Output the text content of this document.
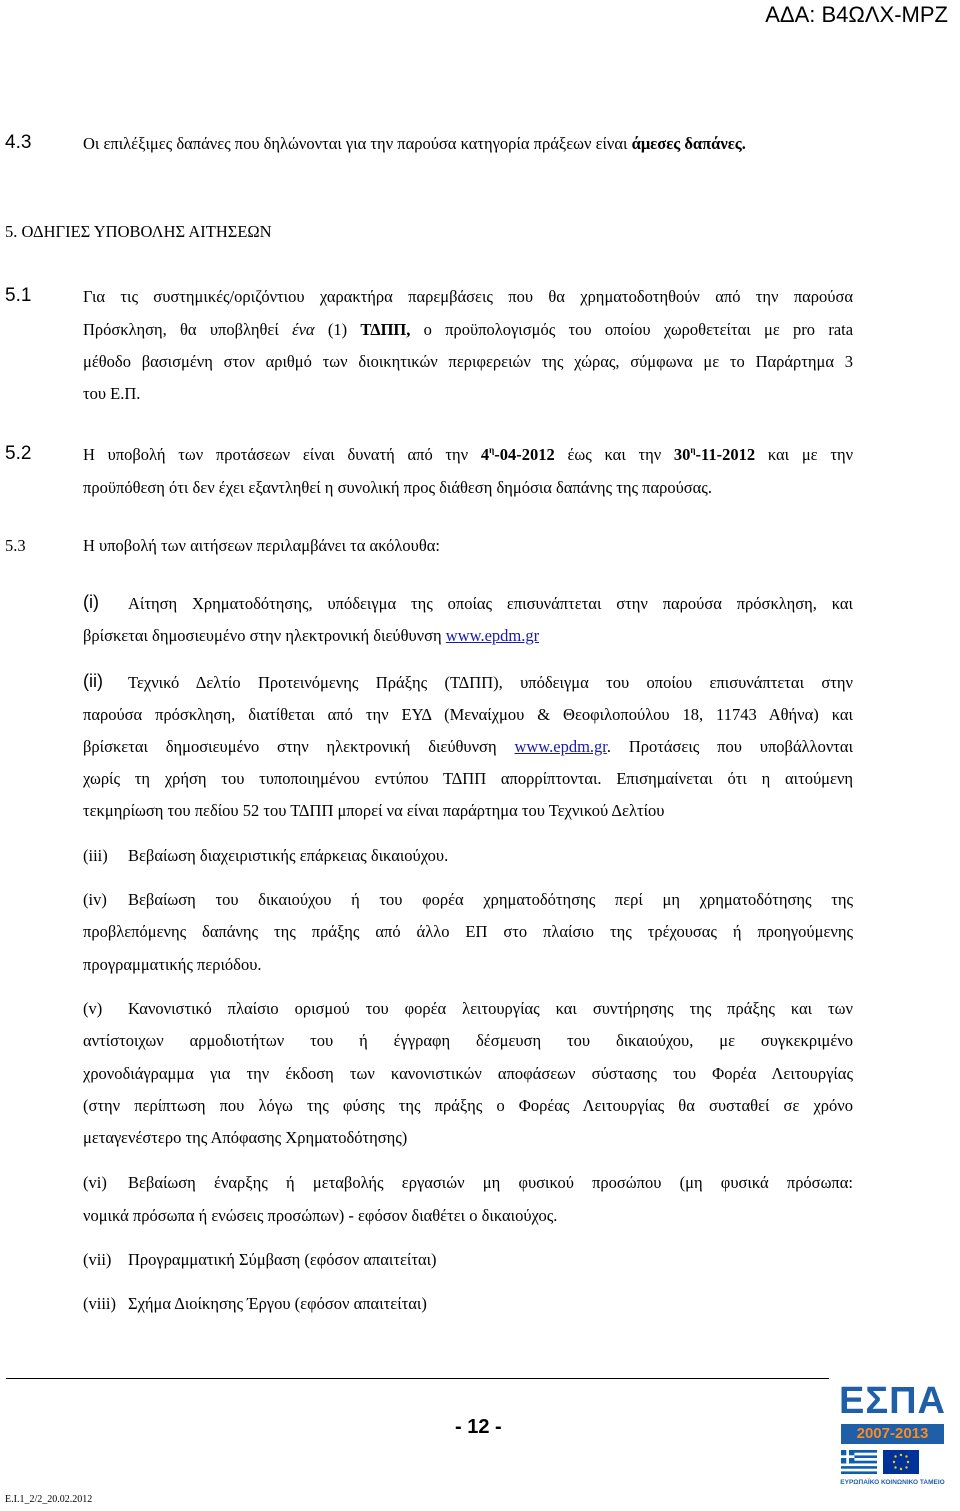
ΑΔΑ: Β4ΩΛΧ-ΜΡΖ
4.3	Οι επιλέξιμες δαπάνες που δηλώνονται για την παρούσα κατηγορία πράξεων είναι άμεσες δαπάνες.
5. ΟΔΗΓΙΕΣ ΥΠΟΒΟΛΗΣ ΑΙΤΗΣΕΩΝ
5.1	Για τις συστημικές/οριζόντιου χαρακτήρα παρεμβάσεις που θα χρηματοδοτηθούν από την παρούσα
Πρόσκληση, θα υποβληθεί ένα (1) ΤΔΠΠ, ο προϋπολογισμός του οποίου χωροθετείται με pro rata
μέθοδο βασισμένη στον αριθμό των διοικητικών περιφερειών της χώρας, σύμφωνα με το Παράρτημα 3
του Ε.Π.
5.2	Η υποβολή των προτάσεων είναι δυνατή από την $4^\eta-04-2012$ έως και την $30^\eta-11-2012$ και με την
προϋπόθεση ότι δεν έχει εξαντληθεί η συνολική προς διάθεση δημόσια δαπάνης της παρούσας.
5.3	Η υποβολή των αιτήσεων περιλαμβάνει τα ακόλουθα:
(i) Αίτηση Χρηματοδότησης, υπόδειγμα της οποίας επισυνάπτεται στην παρούσα πρόσκληση, και
βρίσκεται δημοσιευμένο στην ηλεκτρονική διεύθυνση www.epdm.gr
(ii) Τεχνικό Δελτίο Προτεινόμενης Πράξης (ΤΔΠΠ), υπόδειγμα του οποίου επισυνάπτεται στην
παρούσα πρόσκληση, διατίθεται από την ΕΥΔ (Μεναίχμου & Θεοφιλοπούλου 18, 11743 Αθήνα) και
βρίσκεται δημοσιευμένο στην ηλεκτρονική διεύθυνση www.epdm.gr. Προτάσεις που υποβάλλονται
χωρίς τη χρήση του τυποποιημένου εντύπου ΤΔΠΠ απορρίπτονται. Επισημαίνεται ότι η αιτούμενη
τεκμηρίωση του πεδίου 52 του ΤΔΠΠ μπορεί να είναι παράρτημα του Τεχνικού Δελτίου
(iii) Βεβαίωση διαχειριστικής επάρκειας δικαιούχου.
(iv) Βεβαίωση του δικαιούχου ή του φορέα χρηματοδότησης περί μη χρηματοδότησης της
προβλεπόμενης δαπάνης της πράξης από άλλο ΕΠ στο πλαίσιο της τρέχουσας ή προηγούμενης
προγραμματικής περιόδου.
(v) Κανονιστικό πλαίσιο ορισμού του φορέα λειτουργίας και συντήρησης της πράξης και των
αντίστοιχων αρμοδιοτήτων του ή έγγραφη δέσμευση του δικαιούχου, με συγκεκριμένο
χρονοδιάγραμμα για την έκδοση των κανονιστικών αποφάσεων σύστασης του Φορέα Λειτουργίας
(στην περίπτωση που λόγω της φύσης της πράξης ο Φορέας Λειτουργίας θα συσταθεί σε χρόνο
μεταγενέστερο της Απόφασης Χρηματοδότησης)
(vi) Βεβαίωση έναρξης ή μεταβολής εργασιών μη φυσικού προσώπου (μη φυσικά πρόσωπα:
νομικά πρόσωπα ή ενώσεις προσώπων) - εφόσον διαθέτει ο δικαιούχος.
(vii) Προγραμματική Σύμβαση (εφόσον απαιτείται)
(viii) Σχήμα Διοίκησης Έργου (εφόσον απαιτείται)
- 12 -
E.I.1_2/2_20.02.2012
ΕΣΠΑ
2007-2013
ΕΥΡΩΠΑΪΚΟ ΚΟΙΝΩΝΙΚΟ ΤΑΜΕΙΟ
